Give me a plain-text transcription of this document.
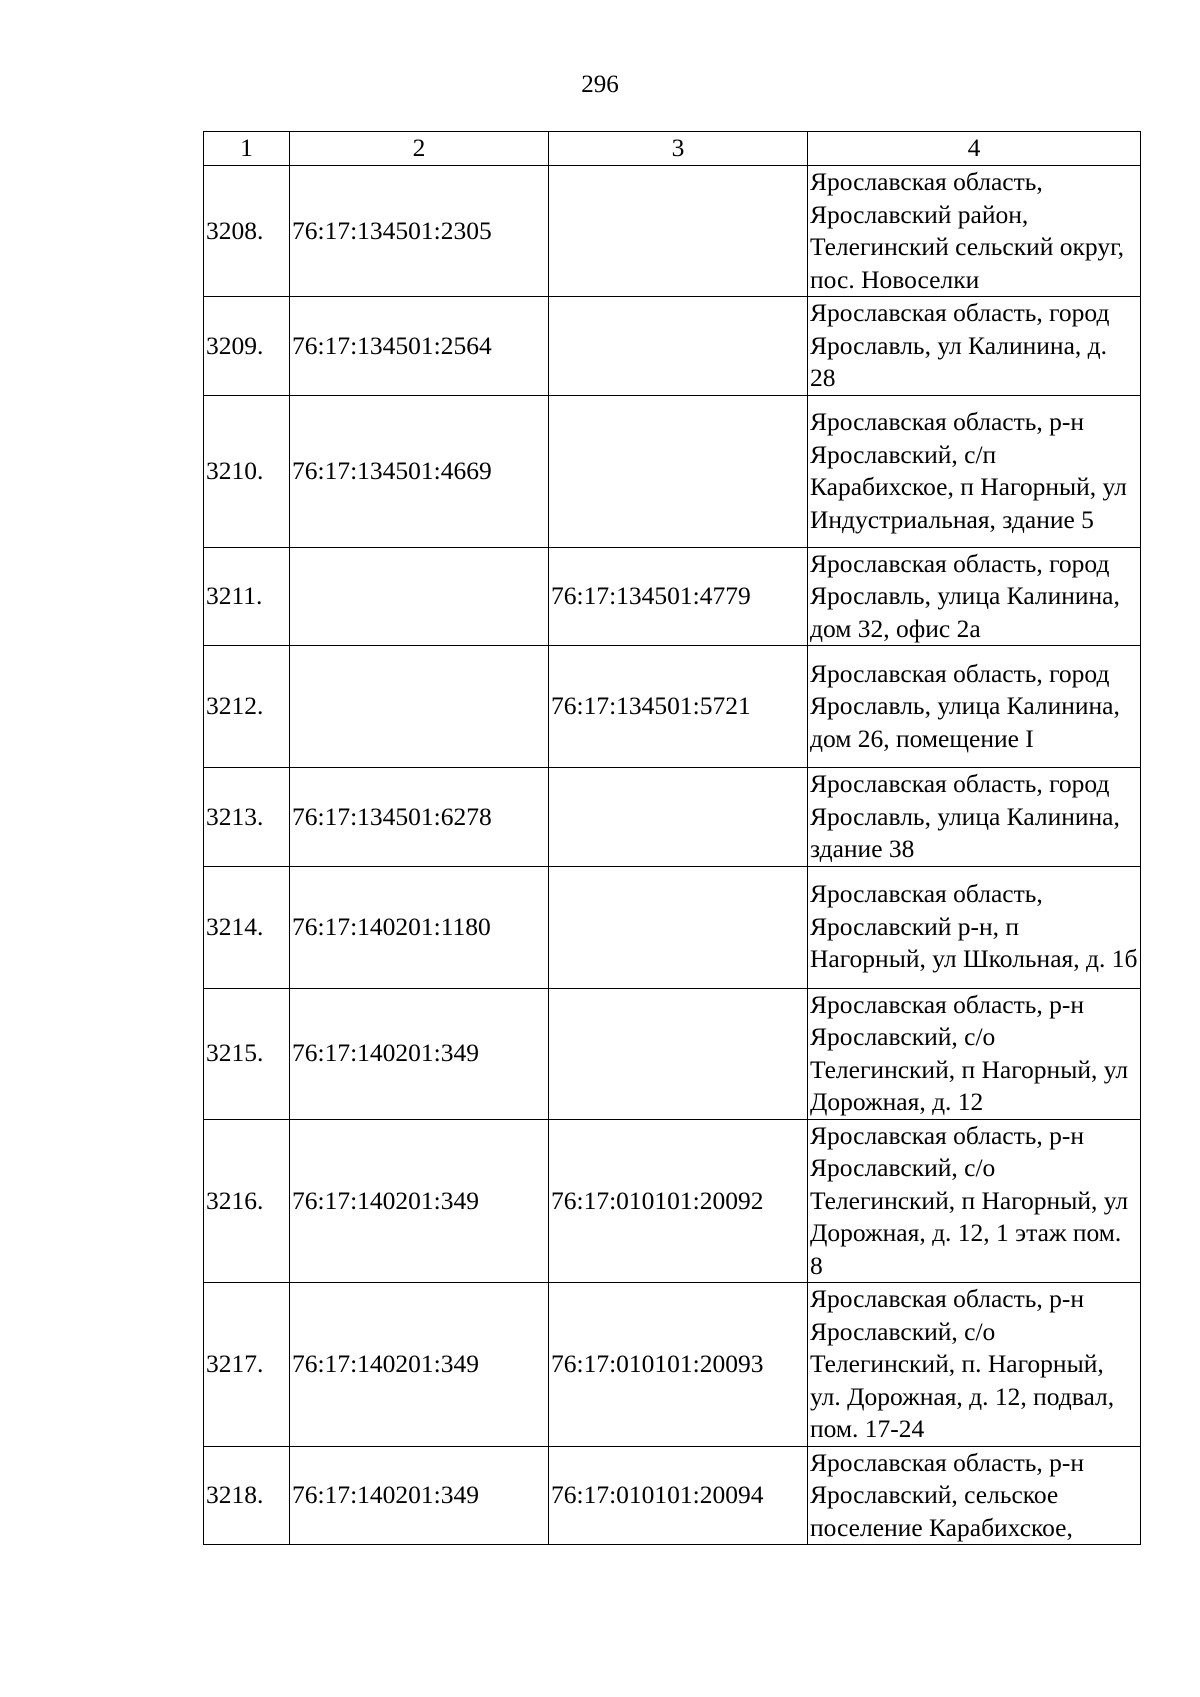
296
1	2	3	4
3208.	76:17:134501:2305		Ярославская область, Ярославский район, Телегинский сельский округ, пос. Новоселки
3209.	76:17:134501:2564		Ярославская область, город Ярославль, ул Калинина, д. 28
3210.	76:17:134501:4669		Ярославская область, р-н Ярославский, с/п Карабихское, п Нагорный, ул Индустриальная, здание 5
3211.		76:17:134501:4779	Ярославская область, город Ярославль, улица Калинина, дом 32, офис 2а
3212.		76:17:134501:5721	Ярославская область, город Ярославль, улица Калинина, дом 26, помещение I
3213.	76:17:134501:6278		Ярославская область, город Ярославль, улица Калинина, здание 38
3214.	76:17:140201:1180		Ярославская область, Ярославский р-н, п Нагорный, ул Школьная, д. 1б
3215.	76:17:140201:349		Ярославская область, р-н Ярославский, с/о Телегинский, п Нагорный, ул Дорожная, д. 12
3216.	76:17:140201:349	76:17:010101:20092	Ярославская область, р-н Ярославский, с/о Телегинский, п Нагорный, ул Дорожная, д. 12, 1 этаж пом. 8
3217.	76:17:140201:349	76:17:010101:20093	Ярославская область, р-н Ярославский, с/о Телегинский, п. Нагорный, ул. Дорожная, д. 12, подвал, пом. 17-24
3218.	76:17:140201:349	76:17:010101:20094	Ярославская область, р-н Ярославский, сельское поселение Карабихское,
